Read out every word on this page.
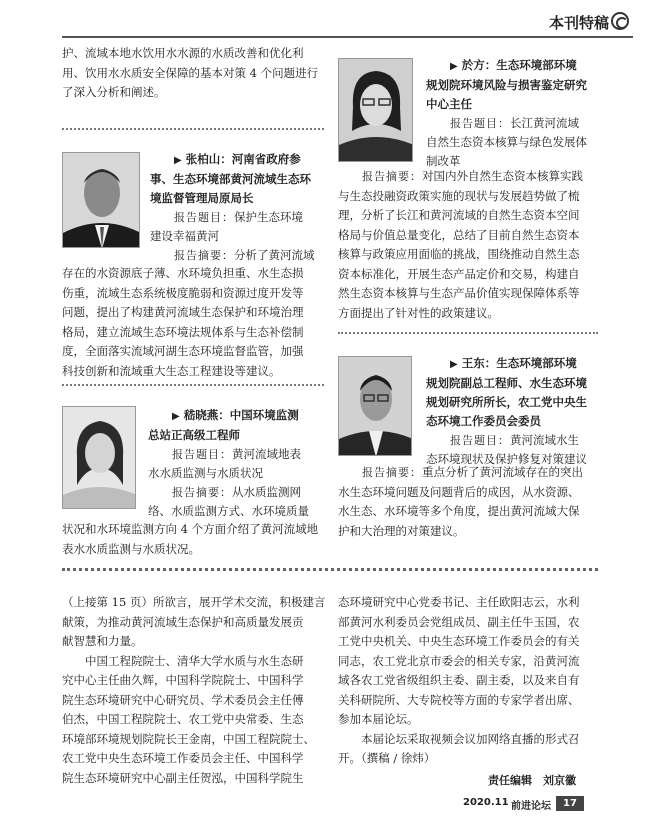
本刊特稿
护、流域本地水饮用水水源的水质改善和优化利
用、饮用水水质安全保障的基本对策 4 个问题进行
了深入分析和阐述。
▶ 张柏山：河南省政府参
事、生态环境部黄河流域生态环
境监督管理局原局长
报告题目：保护生态环境
建设幸福黄河
报告摘要：分析了黄河流域
存在的水资源底子薄、水环境负担重、水生态损
伤重，流域生态系统极度脆弱和资源过度开发等
问题，提出了构建黄河流域生态保护和环境治理
格局，建立流域生态环境法规体系与生态补偿制
度，全面落实流域河湖生态环境监督监管，加强
科技创新和流域重大生态工程建设等建议。
▶ 嵇晓燕：中国环境监测
总站正高级工程师
报告题目：黄河流域地表
水水质监测与水质状况
报告摘要：从水质监测网
络、水质监测方式、水环境质量
状况和水环境监测方向 4 个方面介绍了黄河流域地
表水水质监测与水质状况。
▶ 於方：生态环境部环境
规划院环境风险与损害鉴定研究
中心主任
报告题目：长江黄河流域
自然生态资本核算与绿色发展体
制改革
报告摘要：对国内外自然生态资本核算实践
与生态投融资政策实施的现状与发展趋势做了梳
理，分析了长江和黄河流域的自然生态资本空间
格局与价值总量变化，总结了目前自然生态资本
核算与政策应用面临的挑战，围绕推动自然生态
资本标准化，开展生态产品定价和交易，构建自
然生态资本核算与生态产品价值实现保障体系等
方面提出了针对性的政策建议。
▶ 王东：生态环境部环境
规划院副总工程师、水生态环境
规划研究所所长，农工党中央生
态环境工作委员会委员
报告题目：黄河流域水生
态环境现状及保护修复对策建议
报告摘要：重点分析了黄河流域存在的突出
水生态环境问题及问题背后的成因，从水资源、
水生态、水环境等多个角度，提出黄河流域大保
护和大治理的对策建议。
（上接第 15 页）所欲言，展开学术交流，积极建言
献策，为推动黄河流域生态保护和高质量发展贡
献智慧和力量。
　　中国工程院院士、清华大学水质与水生态研
究中心主任曲久辉，中国科学院院士、中国科学
院生态环境研究中心研究员、学术委员会主任傅
伯杰，中国工程院院士、农工党中央常委、生态
环境部环境规划院院长王金南，中国工程院院士、
农工党中央生态环境工作委员会主任、中国科学
院生态环境研究中心副主任贺泓，中国科学院生
态环境研究中心党委书记、主任欧阳志云，水利
部黄河水利委员会党组成员、副主任牛玉国，农
工党中央机关、中央生态环境工作委员会的有关
同志，农工党北京市委会的相关专家，沿黄河流
域各农工党省级组织主委、副主委，以及来自有
关科研院所、大专院校等方面的专家学者出席、
参加本届论坛。
　　本届论坛采取视频会议加网络直播的形式召
开。（撰稿 / 徐炜）
责任编辑　刘京徽
2020.11 前进论坛	17
